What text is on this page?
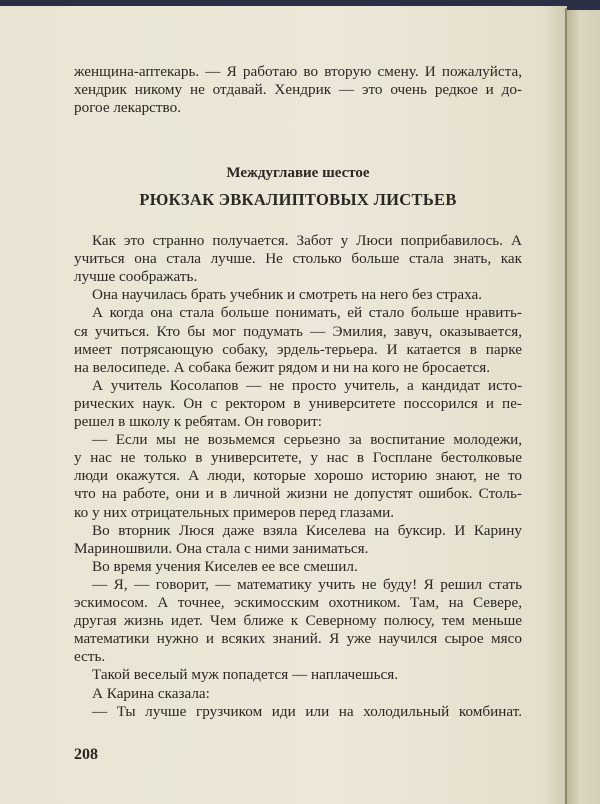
женщина-аптекарь. — Я работаю во вторую смену. И пожалуйста,
хендрик никому не отдавай. Хендрик — это очень редкое и до-
рогое лекарство.
Междуглавие шестое
РЮКЗАК ЭВКАЛИПТОВЫХ ЛИСТЬЕВ
Как это странно получается. Забот у Люси поприбавилось. А
учиться она стала лучше. Не столько больше стала знать, как
лучше соображать.
Она научилась брать учебник и смотреть на него без страха.
А когда она стала больше понимать, ей стало больше нравить-
ся учиться. Кто бы мог подумать — Эмилия, завуч, оказывается,
имеет потрясающую собаку, эрдель-терьера. И катается в парке
на велосипеде. А собака бежит рядом и ни на кого не бросается.
А учитель Косолапов — не просто учитель, а кандидат исто-
рических наук. Он с ректором в университете поссорился и пе-
решел в школу к ребятам. Он говорит:
— Если мы не возьмемся серьезно за воспитание молодежи,
у нас не только в университете, у нас в Госплане бестолковые
люди окажутся. А люди, которые хорошо историю знают, не то
что на работе, они и в личной жизни не допустят ошибок. Столь-
ко у них отрицательных примеров перед глазами.
Во вторник Люся даже взяла Киселева на буксир. И Карину
Мариношвили. Она стала с ними заниматься.
Во время учения Киселев ее все смешил.
— Я, — говорит, — математику учить не буду! Я решил стать
эскимосом. А точнее, эскимосским охотником. Там, на Севере,
другая жизнь идет. Чем ближе к Северному полюсу, тем меньше
математики нужно и всяких знаний. Я уже научился сырое мясо
есть.
Такой веселый муж попадется — наплачешься.
А Карина сказала:
— Ты лучше грузчиком иди или на холодильный комбинат.
208
